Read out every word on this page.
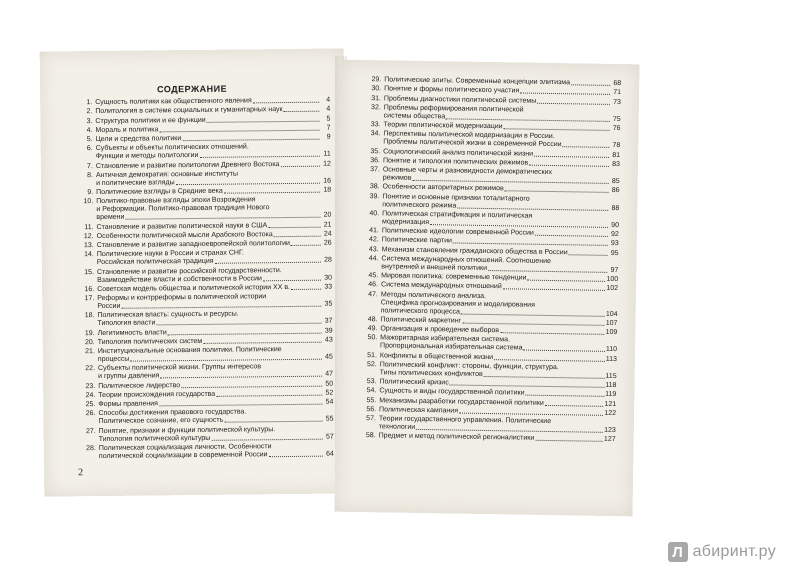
СОДЕРЖАНИЕ
1. Сущность политики как общественного явления	4
2. Политология в системе социальных и гуманитарных наук	4
3. Структура политики и ее функции	5
4. Мораль и политика	7
5. Цели и средства политики	9
6. Субъекты и объекты политических отношений.
Функции и методы политологии	11
7. Становление и развитие политологии Древнего Востока	12
8. Античная демократия: основные институты
и политические взгляды	16
9. Политические взгляды в Средние века	18
10. Политико-правовые взгляды эпохи Возрождения
и Реформации. Политико-правовая традиция Нового
времени	20
11. Становление и развитие политической науки в США	21
12. Особенности политической мысли Арабского Востока	24
13. Становление и развитие западноевропейской политологии	26
14. Политические науки в России и странах СНГ.
Российская политическая традиция	28
15. Становление и развитие российской государственности.
Взаимодействие власти и собственности в России	30
16. Советская модель общества и политической истории XX в.	33
17. Реформы и контрреформы в политической истории
России	35
18. Политическая власть: сущность и ресурсы.
Типология власти	37
19. Легитимность власти	39
20. Типология политических систем	43
21. Институциональные основания политики. Политические
процессы	45
22. Субъекты политической жизни. Группы интересов
и группы давления	47
23. Политическое лидерство	50
24. Теории происхождения государства	52
25. Формы правления	54
26. Способы достижения правового государства.
Политическое сознание, его сущность	55
27. Понятие, признаки и функции политической культуры.
Типология политической культуры	57
28. Политическая социализация личности. Особенности
политической социализации в современной России	64
2
29. Политические элиты. Современные концепции элитизма	68
30. Понятие и формы политического участия	71
31. Проблемы диагностики политической системы	73
32. Проблемы реформирования политической
системы общества	75
33. Теории политической модернизации	76
34. Перспективы политической модернизации в России.
Проблемы политической жизни в современной России	78
35. Социологический анализ политической жизни	81
36. Понятие и типология политических режимов	83
37. Основные черты и разновидности демократических
режимов	85
38. Особенности авторитарных режимов	86
39. Понятие и основные признаки тоталитарного
политического режима	88
40. Политическая стратификация и политическая
модернизация	90
41. Политические идеологии современной России	92
42. Политические партии	93
43. Механизм становления гражданского общества в России	95
44. Система международных отношений. Соотношение
внутренней и внешней политики	97
45. Мировая политика: современные тенденции	100
46. Система международных отношений	102
47. Методы политического анализа.
Специфика прогнозирования и моделирования
политического процесса	104
48. Политический маркетинг	107
49. Организация и проведение выборов	109
50. Мажоритарная избирательная система.
Пропорциональная избирательная система	110
51. Конфликты в общественной жизни	113
52. Политический конфликт: стороны, функции, структура.
Типы политических конфликтов	115
53. Политический кризис	118
54. Сущность и виды государственной политики	119
55. Механизмы разработки государственной политики	121
56. Политическая кампания	122
57. Теории государственного управления. Политические
технологии	123
58. Предмет и метод политической регионалистики	127
Л абиринт.ру
